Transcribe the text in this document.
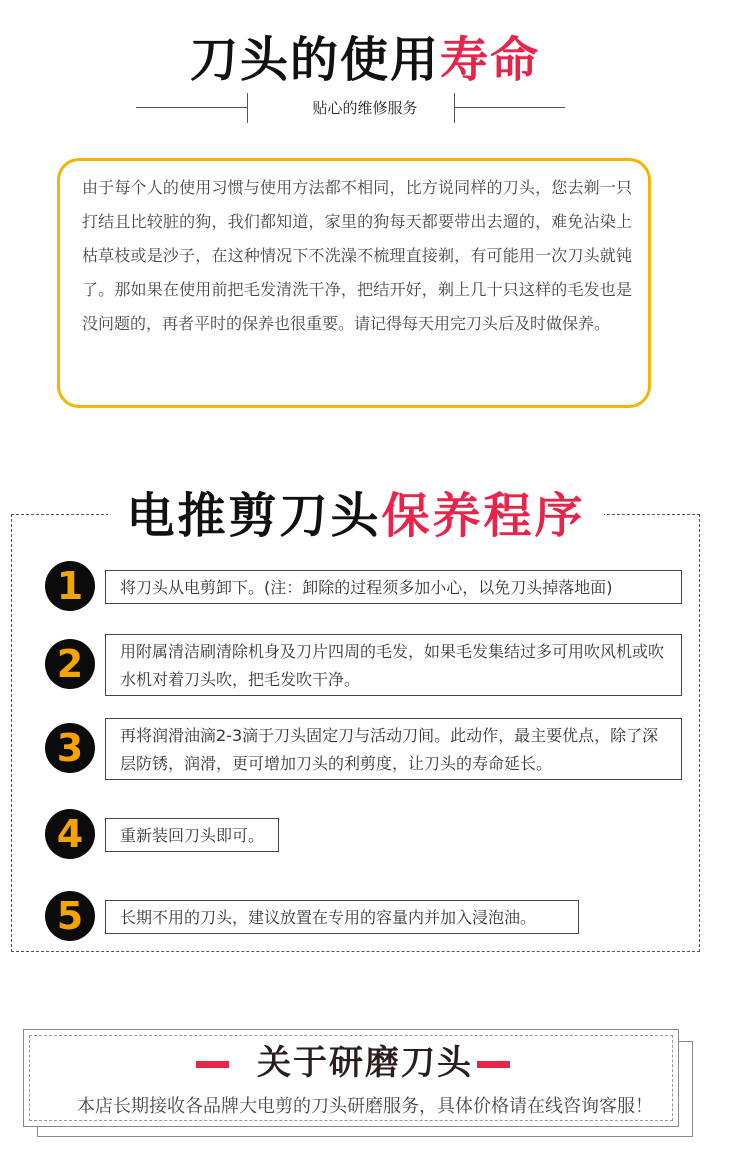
刀头的使用寿命
贴心的维修服务

由于每个人的使用习惯与使用方法都不相同，比方说同样的刀头，您去剃一只打结且比较脏的狗，我们都知道，家里的狗每天都要带出去遛的，难免沾染上枯草枝或是沙子，在这种情况下不洗澡不梳理直接剃，有可能用一次刀头就钝了。那如果在使用前把毛发清洗干净，把结开好，剃上几十只这样的毛发也是没问题的，再者平时的保养也很重要。请记得每天用完刀头后及时做保养。

电推剪刀头保养程序
1	将刀头从电剪卸下。(注：卸除的过程须多加小心，以免刀头掉落地面)
2	用附属清洁刷清除机身及刀片四周的毛发，如果毛发集结过多可用吹风机或吹水机对着刀头吹，把毛发吹干净。
3	再将润滑油滴2-3滴于刀头固定刀与活动刀间。此动作，最主要优点，除了深层防锈，润滑，更可增加刀头的利剪度，让刀头的寿命延长。
4	重新装回刀头即可。
5	长期不用的刀头，建议放置在专用的容量内并加入浸泡油。
关于研磨刀头
本店长期接收各品牌大电剪的刀头研磨服务，具体价格请在线咨询客服！
